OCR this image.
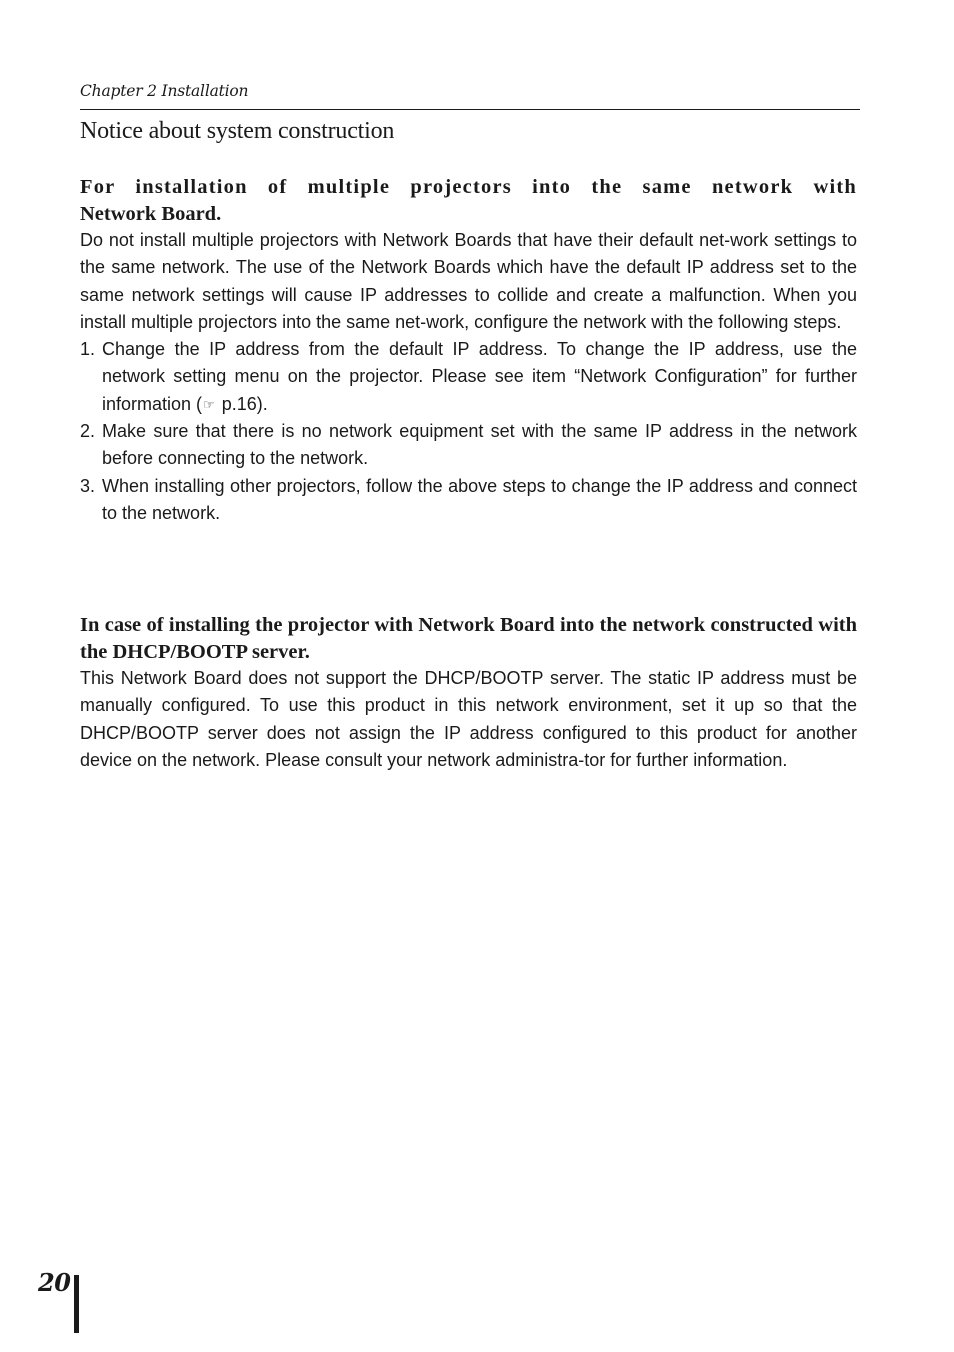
Chapter 2 Installation
Notice about system construction

For installation of multiple projectors into the same network with

Network Board.

Do not install multiple projectors with Network Boards that have their default net-work settings to the same network. The use of the Network Boards which have the default IP address set to the same network settings will cause IP addresses to collide and create a malfunction. When you install multiple projectors into the same net-work, configure the network with the following steps.

1. Change the IP address from the default IP address. To change the IP address, use the network setting menu on the projector. Please see item “Network Configuration” for further information (☞ p.16).
2. Make sure that there is no network equipment set with the same IP address in the network before connecting to the network.
3. When installing other projectors, follow the above steps to change the IP address and connect to the network.

In case of installing the projector with Network Board into the network constructed with the DHCP/BOOTP server.

This Network Board does not support the DHCP/BOOTP server. The static IP address must be manually configured. To use this product in this network environment, set it up so that the DHCP/BOOTP server does not assign the IP address configured to this product for another device on the network. Please consult your network administra-tor for further information.

20
